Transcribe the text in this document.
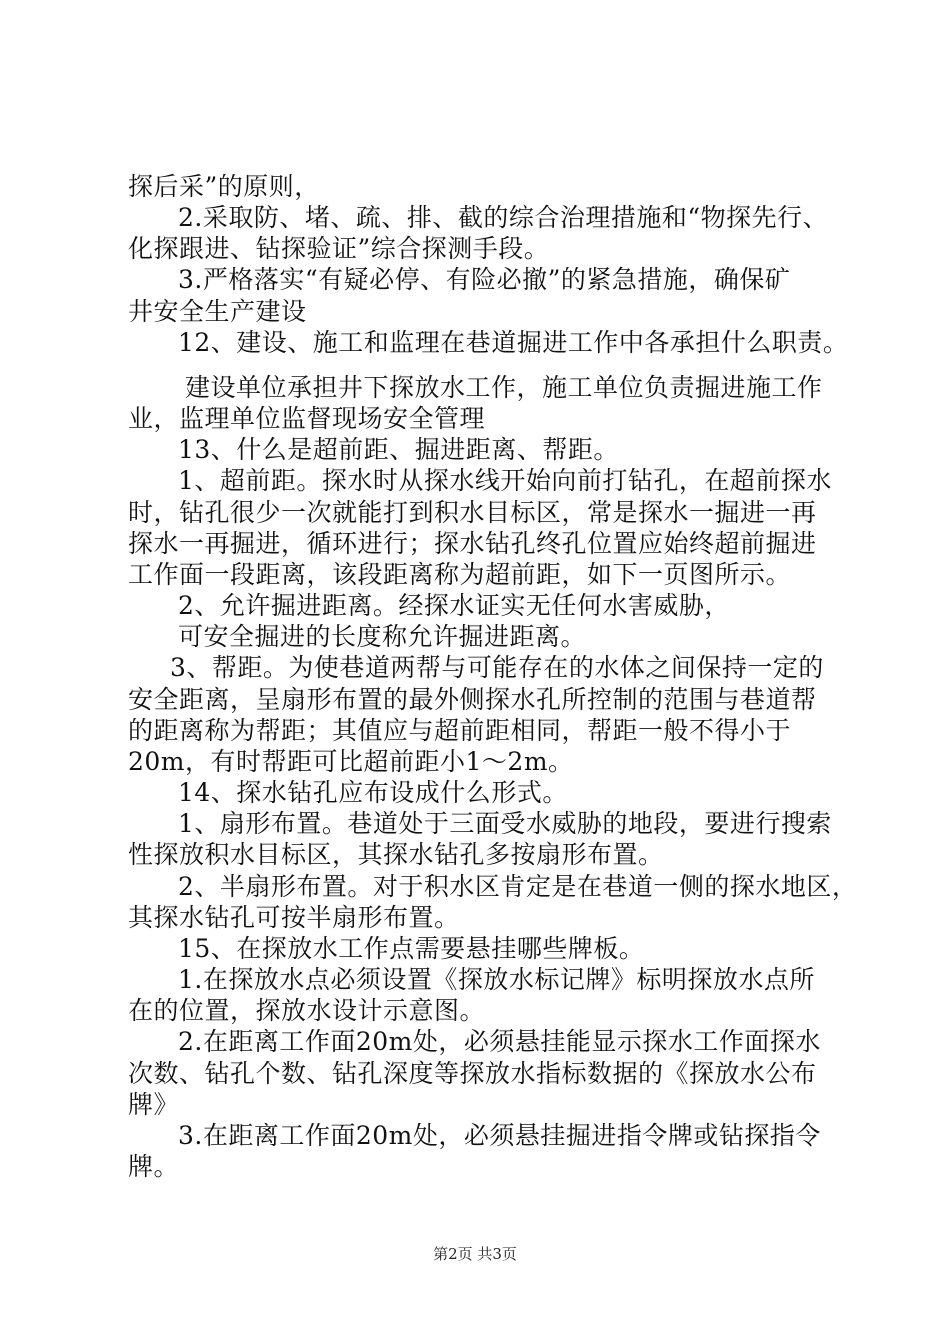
探后采”的原则，
2.采取防、堵、疏、排、截的综合治理措施和“物探先行、
化探跟进、钻探验证”综合探测手段。
3.严格落实“有疑必停、有险必撤”的紧急措施，确保矿
井安全生产建设
12、建设、施工和监理在巷道掘进工作中各承担什么职责。
建设单位承担井下探放水工作，施工单位负责掘进施工作
业，监理单位监督现场安全管理
13、什么是超前距、掘进距离、帮距。
1、超前距。探水时从探水线开始向前打钻孔，在超前探水
时，钻孔很少一次就能打到积水目标区，常是探水一掘进一再
探水一再掘进，循环进行；探水钻孔终孔位置应始终超前掘进
工作面一段距离，该段距离称为超前距，如下一页图所示。
2、允许掘进距离。经探水证实无任何水害威胁，
可安全掘进的长度称允许掘进距离。
3、帮距。为使巷道两帮与可能存在的水体之间保持一定的
安全距离，呈扇形布置的最外侧探水孔所控制的范围与巷道帮
的距离称为帮距；其值应与超前距相同，帮距一般不得小于
20m，有时帮距可比超前距小1～2m。
14、探水钻孔应布设成什么形式。
1、扇形布置。巷道处于三面受水威胁的地段，要进行搜索
性探放积水目标区，其探水钻孔多按扇形布置。
2、半扇形布置。对于积水区肯定是在巷道一侧的探水地区，
其探水钻孔可按半扇形布置。
15、在探放水工作点需要悬挂哪些牌板。
1.在探放水点必须设置《探放水标记牌》标明探放水点所
在的位置，探放水设计示意图。
2.在距离工作面20m处，必须悬挂能显示探水工作面探水
次数、钻孔个数、钻孔深度等探放水指标数据的《探放水公布
牌》
3.在距离工作面20m处，必须悬挂掘进指令牌或钻探指令
牌。
第2页 共3页
